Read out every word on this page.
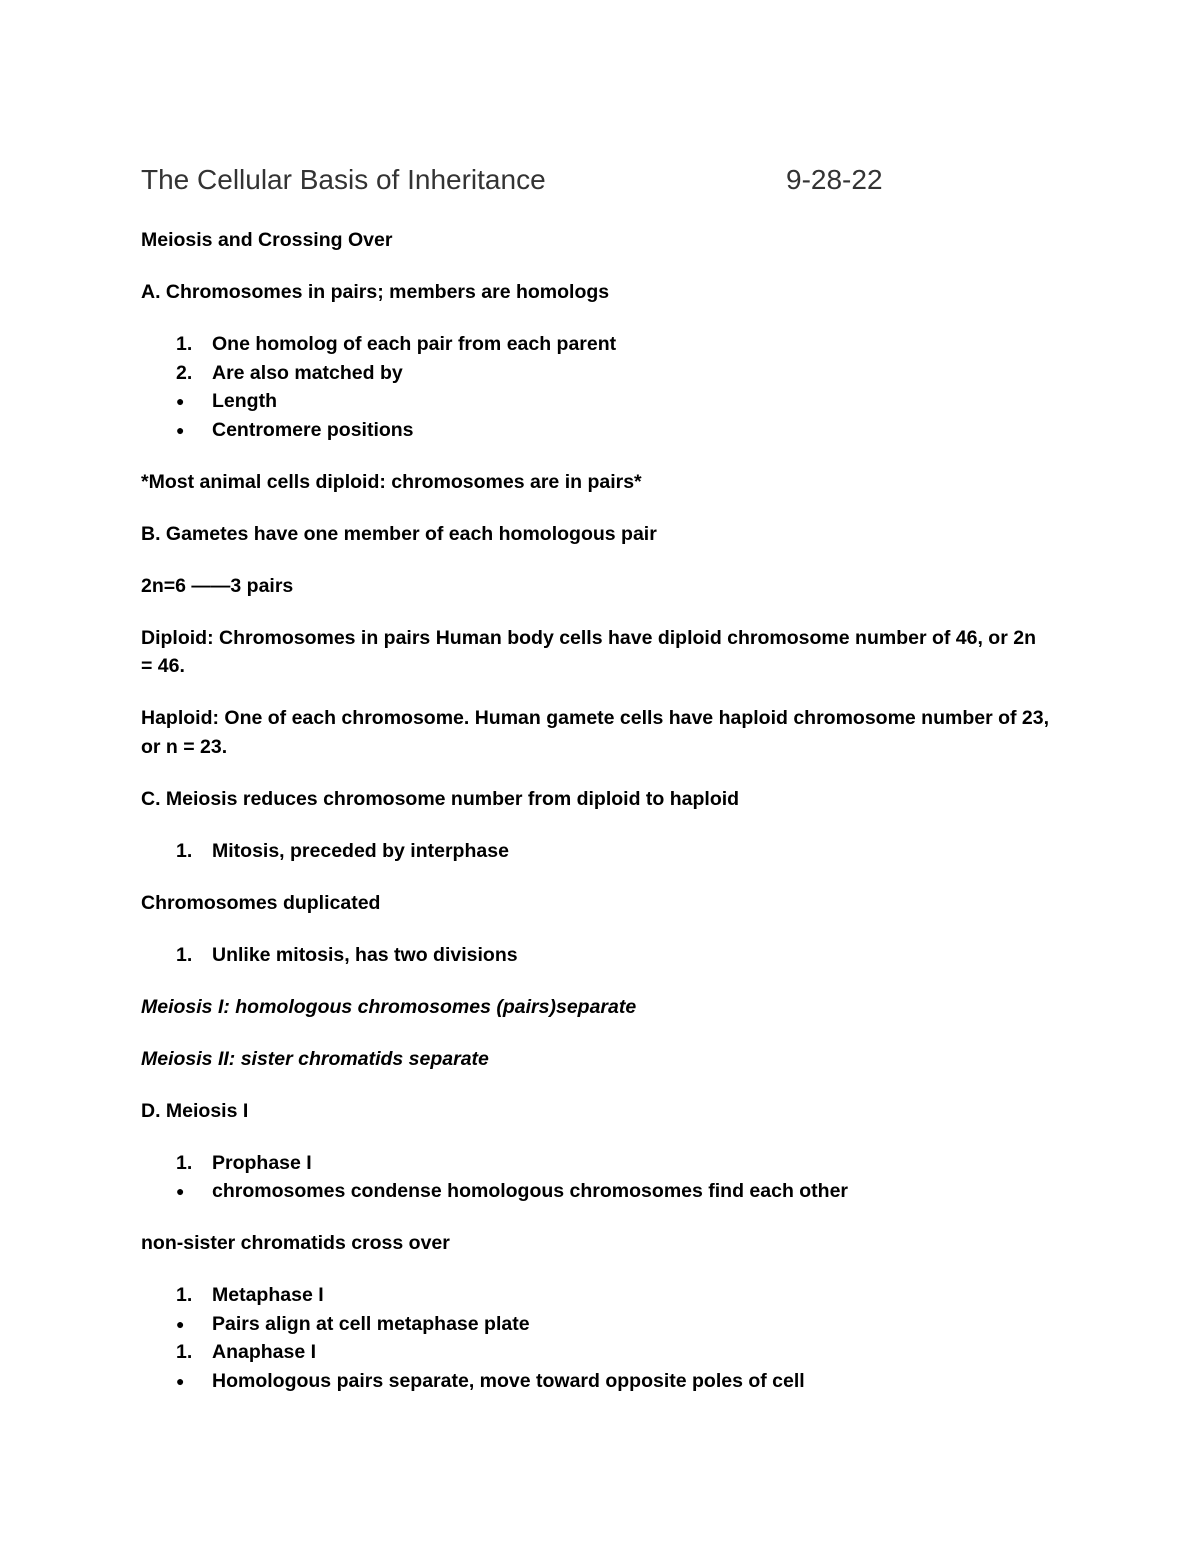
The Cellular Basis of Inheritance	9-28-22

Meiosis and Crossing Over

A. Chromosomes in pairs; members are homologs

1.	One homolog of each pair from each parent
2.	Are also matched by
●	Length
●	Centromere positions

*Most animal cells diploid: chromosomes are in pairs*

B. Gametes have one member of each homologous pair

2n=6 ——3 pairs

Diploid: Chromosomes in pairs Human body cells have diploid chromosome number of 46, or 2n = 46.

Haploid: One of each chromosome. Human gamete cells have haploid chromosome number of 23, or n = 23.

C. Meiosis reduces chromosome number from diploid to haploid

1.	Mitosis, preceded by interphase

Chromosomes duplicated

1.	Unlike mitosis, has two divisions

Meiosis I: homologous chromosomes (pairs)separate

Meiosis II: sister chromatids separate

D. Meiosis I

1.	Prophase I
●	chromosomes condense homologous chromosomes find each other

non-sister chromatids cross over

1.	Metaphase I
●	Pairs align at cell metaphase plate
1.	Anaphase I
●	Homologous pairs separate, move toward opposite poles of cell
